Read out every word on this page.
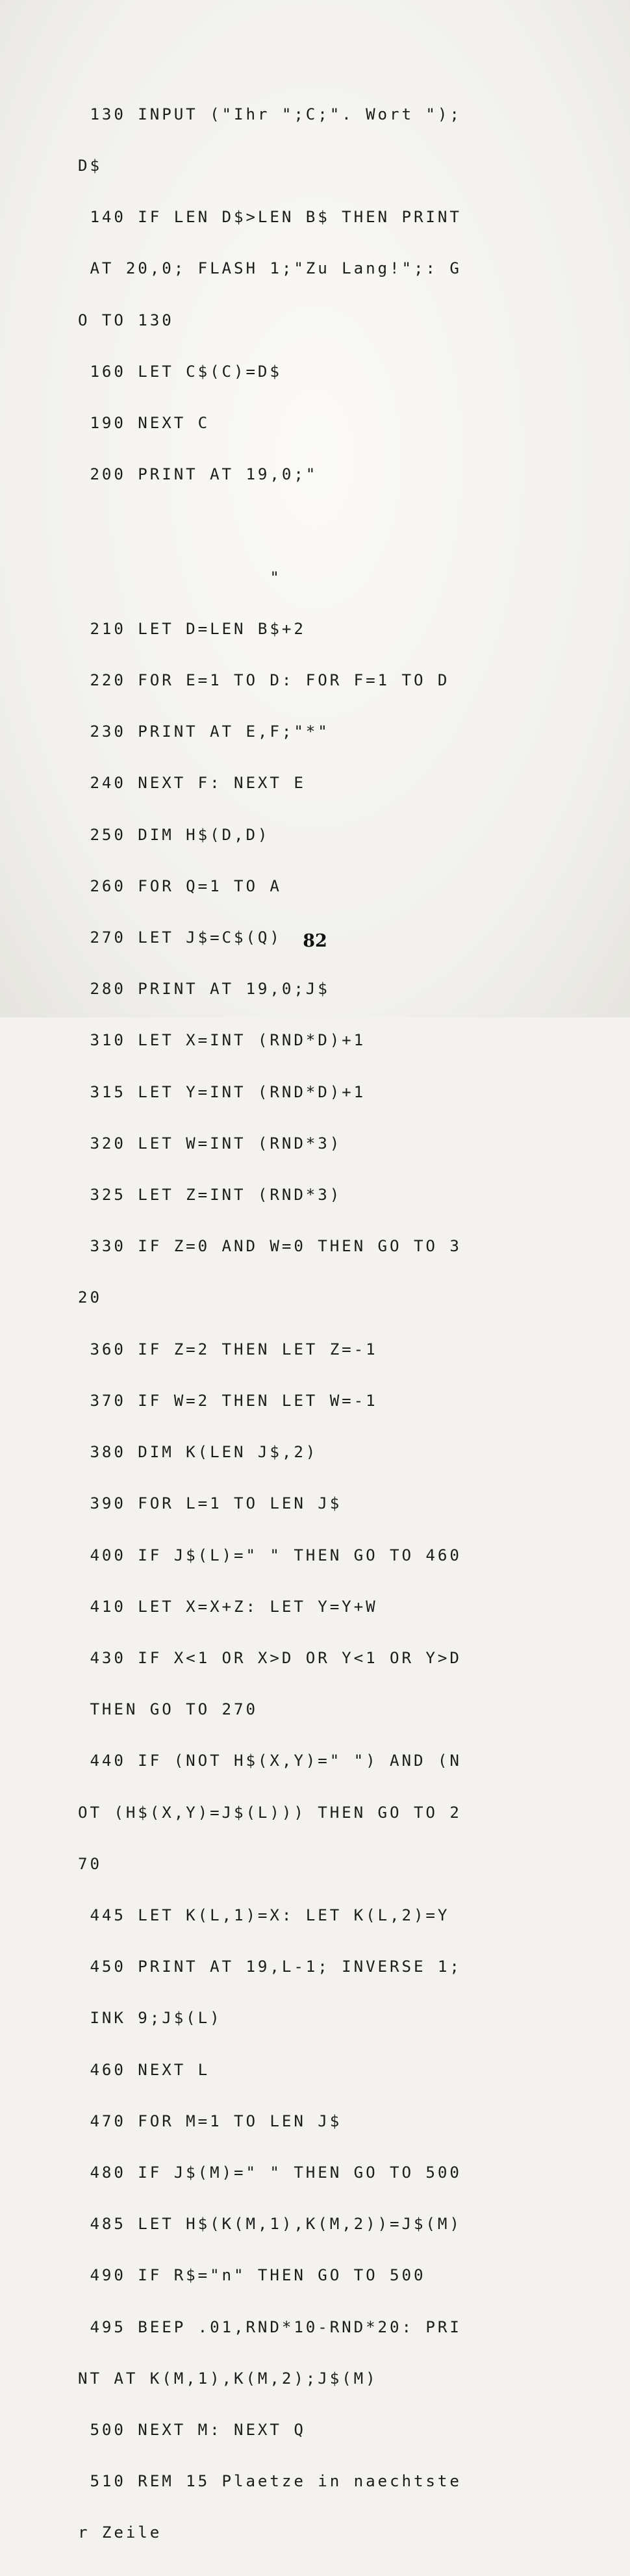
130 INPUT ("Ihr ";C;". Wort ");

D$

140 IF LEN D$>LEN B$ THEN PRINT

AT 20,0; FLASH 1;"Zu Lang!";: G

O TO 130

160 LET C$(C)=D$

190 NEXT C

200 PRINT AT 19,0;"

"

210 LET D=LEN B$+2

220 FOR E=1 TO D: FOR F=1 TO D

230 PRINT AT E,F;"*"

240 NEXT F: NEXT E

250 DIM H$(D,D)

260 FOR Q=1 TO A

270 LET J$=C$(Q)

280 PRINT AT 19,0;J$

310 LET X=INT (RND*D)+1

315 LET Y=INT (RND*D)+1

320 LET W=INT (RND*3)

325 LET Z=INT (RND*3)

330 IF Z=0 AND W=0 THEN GO TO 3

20

360 IF Z=2 THEN LET Z=-1

370 IF W=2 THEN LET W=-1

380 DIM K(LEN J$,2)

390 FOR L=1 TO LEN J$

400 IF J$(L)=" " THEN GO TO 460

410 LET X=X+Z: LET Y=Y+W

430 IF X<1 OR X>D OR Y<1 OR Y>D

THEN GO TO 270

440 IF (NOT H$(X,Y)=" ") AND (N

OT (H$(X,Y)=J$(L))) THEN GO TO 2

70

445 LET K(L,1)=X: LET K(L,2)=Y

450 PRINT AT 19,L-1; INVERSE 1;

INK 9;J$(L)

460 NEXT L

470 FOR M=1 TO LEN J$

480 IF J$(M)=" " THEN GO TO 500

485 LET H$(K(M,1),K(M,2))=J$(M)

490 IF R$="n" THEN GO TO 500

495 BEEP .01,RND*10-RND*20: PRI

NT AT K(M,1),K(M,2);J$(M)

500 NEXT M: NEXT Q

510 REM 15 Plaetze in naechtste

r Zeile

82
